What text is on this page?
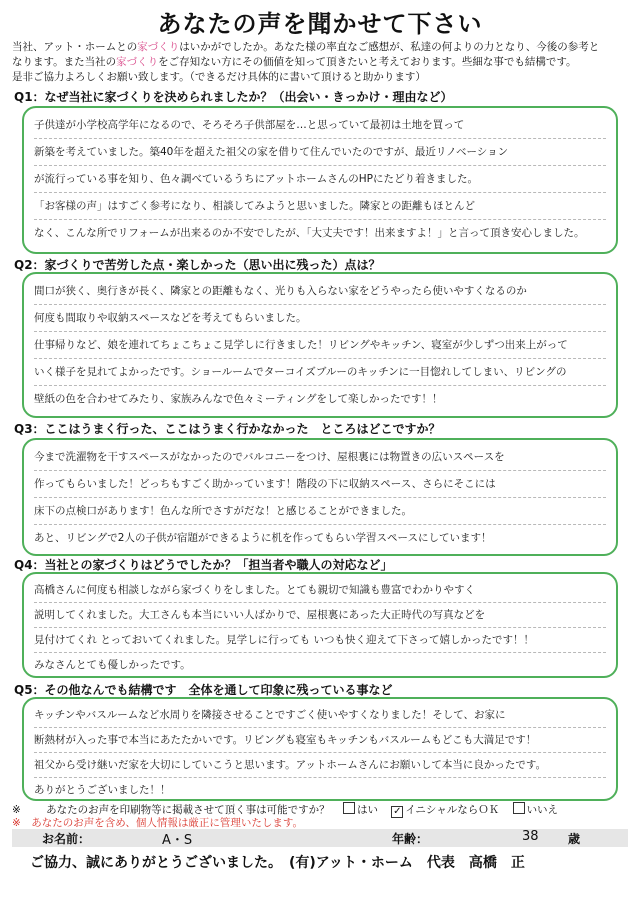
あなたの声を聞かせて下さい
当社、アット・ホームとの家づくりはいかがでしたか。あなた様の率直なご感想が、私達の何よりの力となり、今後の参考と
なります。また当社の家づくりをご存知ない方にその価値を知って頂きたいと考えております。些細な事でも結構です。
是非ご協力よろしくお願い致します。（できるだけ具体的に書いて頂けると助かります）
Q1：なぜ当社に家づくりを決められましたか？（出会い・きっかけ・理由など）
子供達が小学校高学年になるので、そろそろ子供部屋を…と思っていて最初は土地を買って
新築を考えていました。築40年を超えた祖父の家を借りて住んでいたのですが、最近リノベーション
が流行っている事を知り、色々調べているうちにアットホームさんのHPにたどり着きました。
「お客様の声」はすごく参考になり、相談してみようと思いました。隣家との距離もほとんど
なく、こんな所でリフォームが出来るのか不安でしたが、「大丈夫です！出来ますよ！」と言って頂き安心しました。
Q2：家づくりで苦労した点・楽しかった（思い出に残った）点は？
間口が狭く、奥行きが長く、隣家との距離もなく、光りも入らない家をどうやったら使いやすくなるのか
何度も間取りや収納スペースなどを考えてもらいました。
仕事帰りなど、娘を連れてちょこちょこ見学しに行きました！リビングやキッチン、寝室が少しずつ出来上がって
いく様子を見れてよかったです。ショールームでターコイズブルーのキッチンに一目惚れしてしまい、リビングの
壁紙の色を合わせてみたり、家族みんなで色々ミーティングをして楽しかったです！！
Q3：ここはうまく行った、ここはうまく行かなかった　ところはどこですか？
今まで洗濯物を干すスペースがなかったのでバルコニーをつけ、屋根裏には物置きの広いスペースを
作ってもらいました！どっちもすごく助かっています！階段の下に収納スペース、さらにそこには
床下の点検口があります！色んな所でさすがだな！と感じることができました。
あと、リビングで2人の子供が宿題ができるように机を作ってもらい学習スペースにしています！
Q4：当社との家づくりはどうでしたか？「担当者や職人の対応など」
高橋さんに何度も相談しながら家づくりをしました。とても親切で知識も豊富でわかりやすく
説明してくれました。大工さんも本当にいい人ばかりで、屋根裏にあった大正時代の写真などを
見付けてくれ とっておいてくれました。見学しに行っても いつも快く迎えて下さって嬉しかったです！！
みなさんとても優しかったです。
Q5：その他なんでも結構です　全体を通して印象に残っている事など
キッチンやバスルームなど水周りを隣接させることですごく使いやすくなりました！そして、お家に
断熱材が入った事で本当にあたたかいです。リビングも寝室もキッチンもバスルームもどこも大満足です！
祖父から受け継いだ家を大切にしていこうと思います。アットホームさんにお願いして本当に良かったです。
ありがとうございました！！
※ あなたのお声を印刷物等に掲載させて頂く事は可能ですか？	はい ✓ イニシャルならＯＫ	いいえ
※　あなたのお声を含め、個人情報は厳正に管理いたします。
お名前：	A・S	年齢：	38 歳
ご協力、誠にありがとうございました。　(有)アット・ホーム　代表　高橋　正
